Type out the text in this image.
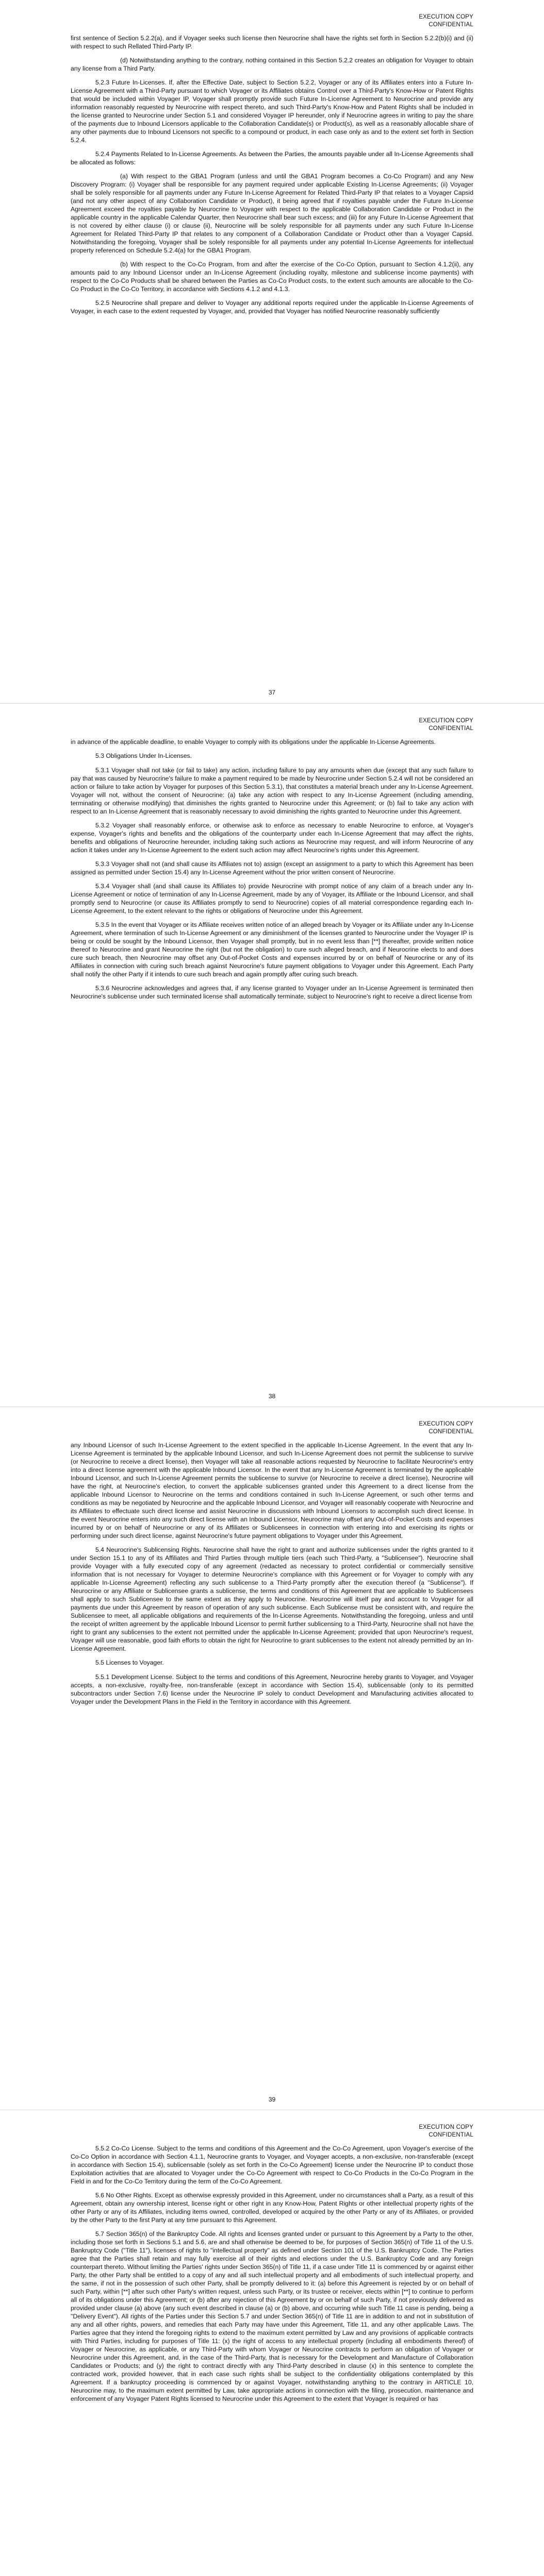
EXECUTION COPY
CONFIDENTIAL

first sentence of Section 5.2.2(a), and if Voyager seeks such license then Neurocrine shall have the rights set forth in Section 5.2.2(b)(i) and (ii) with respect to such Rellated Third-Party IP.

(d) Notwithstanding anything to the contrary, nothing contained in this Section 5.2.2 creates an obligation for Voyager to obtain any license from a Third Party.

5.2.3 Future In-Licenses. If, after the Effective Date, subject to Section 5.2.2, Voyager or any of its Affiliates enters into a Future In-License Agreement with a Third-Party pursuant to which Voyager or its Affiliates obtains Control over a Third-Party's Know-How or Patent Rights that would be included within Voyager IP, Voyager shall promptly provide such Future In-License Agreement to Neurocrine and provide any information reasonably requested by Neurocrine with respect thereto, and such Third-Party's Know-How and Patent Rights shall be included in the license granted to Neurocrine under Section 5.1 and considered Voyager IP hereunder, only if Neurocrine agrees in writing to pay the share of the payments due to Inbound Licensors applicable to the Collaboration Candidate(s) or Product(s), as well as a reasonably allocable share of any other payments due to Inbound Licensors not specific to a compound or product, in each case only as and to the extent set forth in Section 5.2.4.

5.2.4 Payments Related to In-License Agreements. As between the Parties, the amounts payable under all In-License Agreements shall be allocated as follows:

(a) With respect to the GBA1 Program (unless and until the GBA1 Program becomes a Co-Co Program) and any New Discovery Program: (i) Voyager shall be responsible for any payment required under applicable Existing In-License Agreements; (ii) Voyager shall be solely responsible for all payments under any Future In-License Agreement for Related Third-Party IP that relates to a Voyager Capsid (and not any other aspect of any Collaboration Candidate or Product), it being agreed that if royalties payable under the Future In-License Agreement exceed the royalties payable by Neurocrine to Voyager with respect to the applicable Collaboration Candidate or Product in the applicable country in the applicable Calendar Quarter, then Neurocrine shall bear such excess; and (iii) for any Future In-License Agreement that is not covered by either clause (i) or clause (ii), Neurocrine will be solely responsible for all payments under any such Future In-License Agreement for Related Third-Party IP that relates to any component of a Collaboration Candidate or Product other than a Voyager Capsid. Notwithstanding the foregoing, Voyager shall be solely responsible for all payments under any potential In-License Agreements for intellectual property referenced on Schedule 5.2.4(a) for the GBA1 Program.

(b) With respect to the Co-Co Program, from and after the exercise of the Co-Co Option, pursuant to Section 4.1.2(ii), any amounts paid to any Inbound Licensor under an In-License Agreement (including royalty, milestone and sublicense income payments) with respect to the Co-Co Products shall be shared between the Parties as Co-Co Product costs, to the extent such amounts are allocable to the Co-Co Product in the Co-Co Territory, in accordance with Sections 4.1.2 and 4.1.3.

5.2.5 Neurocrine shall prepare and deliver to Voyager any additional reports required under the applicable In-License Agreements of Voyager, in each case to the extent requested by Voyager, and, provided that Voyager has notified Neurocrine reasonably sufficiently

37
EXECUTION COPY
CONFIDENTIAL

in advance of the applicable deadline, to enable Voyager to comply with its obligations under the applicable In-License Agreements.

5.3 Obligations Under In-Licenses.

5.3.1 Voyager shall not take (or fail to take) any action, including failure to pay any amounts when due (except that any such failure to pay that was caused by Neurocrine's failure to make a payment required to be made by Neurocrine under Section 5.2.4 will not be considered an action or failure to take action by Voyager for purposes of this Section 5.3.1), that constitutes a material breach under any In-License Agreement. Voyager will not, without the consent of Neurocrine: (a) take any action with respect to any In-License Agreement (including amending, terminating or otherwise modifying) that diminishes the rights granted to Neurocrine under this Agreement; or (b) fail to take any action with respect to an In-License Agreement that is reasonably necessary to avoid diminishing the rights granted to Neurocrine under this Agreement.

5.3.2 Voyager shall reasonably enforce, or otherwise ask to enforce as necessary to enable Neurocrine to enforce, at Voyager's expense, Voyager's rights and benefits and the obligations of the counterparty under each In-License Agreement that may affect the rights, benefits and obligations of Neurocrine hereunder, including taking such actions as Neurocrine may request, and will inform Neurocrine of any action it takes under any In-License Agreement to the extent such action may affect Neurocrine's rights under this Agreement.

5.3.3 Voyager shall not (and shall cause its Affiliates not to) assign (except an assignment to a party to which this Agreement has been assigned as permitted under Section 15.4) any In-License Agreement without the prior written consent of Neurocrine.

5.3.4 Voyager shall (and shall cause its Affiliates to) provide Neurocrine with prompt notice of any claim of a breach under any In-License Agreement or notice of termination of any In-License Agreement, made by any of Voyager, its Affiliate or the Inbound Licensor, and shall promptly send to Neurocrine (or cause its Affiliates promptly to send to Neurocrine) copies of all material correspondence regarding each In-License Agreement, to the extent relevant to the rights or obligations of Neurocrine under this Agreement.

5.3.5 In the event that Voyager or its Affiliate receives written notice of an alleged breach by Voyager or its Affiliate under any In-License Agreement, where termination of such In-License Agreement or any diminishment of the licenses granted to Neurocrine under the Voyager IP is being or could be sought by the Inbound Licensor, then Voyager shall promptly, but in no event less than [**] thereafter, provide written notice thereof to Neurocrine and grant Neurocrine the right (but not the obligation) to cure such alleged breach, and if Neurocrine elects to and does cure such breach, then Neurocrine may offset any Out-of-Pocket Costs and expenses incurred by or on behalf of Neurocrine or any of its Affiliates in connection with curing such breach against Neurocrine's future payment obligations to Voyager under this Agreement. Each Party shall notify the other Party if it intends to cure such breach and again promptly after curing such breach.

5.3.6 Neurocrine acknowledges and agrees that, if any license granted to Voyager under an In-License Agreement is terminated then Neurocrine's sublicense under such terminated license shall automatically terminate, subject to Neurocrine's right to receive a direct license from

38
EXECUTION COPY
CONFIDENTIAL

any Inbound Licensor of such In-License Agreement to the extent specified in the applicable In-License Agreement. In the event that any In-License Agreement is terminated by the applicable Inbound Licensor, and such In-License Agreement does not permit the sublicense to survive (or Neurocrine to receive a direct license), then Voyager will take all reasonable actions requested by Neurocrine to facilitate Neurocrine's entry into a direct license agreement with the applicable Inbound Licensor. In the event that any In-License Agreement is terminated by the applicable Inbound Licensor, and such In-License Agreement permits the sublicense to survive (or Neurocrine to receive a direct license), Neurocrine will have the right, at Neurocrine's election, to convert the applicable sublicenses granted under this Agreement to a direct license from the applicable Inbound Licensor to Neurocrine on the terms and conditions contained in such In-License Agreement, or such other terms and conditions as may be negotiated by Neurocrine and the applicable Inbound Licensor, and Voyager will reasonably cooperate with Neurocrine and its Affiliates to effectuate such direct license and assist Neurocrine in discussions with Inbound Licensors to accomplish such direct license. In the event Neurocrine enters into any such direct license with an Inbound Licensor, Neurocrine may offset any Out-of-Pocket Costs and expenses incurred by or on behalf of Neurocrine or any of its Affiliates or Sublicensees in connection with entering into and exercising its rights or performing under such direct license, against Neurocrine's future payment obligations to Voyager under this Agreement.

5.4 Neurocrine's Sublicensing Rights. Neurocrine shall have the right to grant and authorize sublicenses under the rights granted to it under Section 15.1 to any of its Affiliates and Third Parties through multiple tiers (each such Third-Party, a "Sublicensee"). Neurocrine shall provide Voyager with a fully executed copy of any agreement (redacted as necessary to protect confidential or commercially sensitive information that is not necessary for Voyager to determine Neurocrine's compliance with this Agreement or for Voyager to comply with any applicable In-License Agreement) reflecting any such sublicense to a Third-Party promptly after the execution thereof (a "Sublicense"). If Neurocrine or any Affiliate or Sublicensee grants a sublicense, the terms and conditions of this Agreement that are applicable to Sublicensees shall apply to such Sublicensee to the same extent as they apply to Neurocrine. Neurocrine will itself pay and account to Voyager for all payments due under this Agreement by reason of operation of any such sublicense. Each Sublicense must be consistent with, and require the Sublicensee to meet, all applicable obligations and requirements of the In-License Agreements. Notwithstanding the foregoing, unless and until the receipt of written agreement by the applicable Inbound Licensor to permit further sublicensing to a Third-Party, Neurocrine shall not have the right to grant any sublicenses to the extent not permitted under the applicable In-License Agreement; provided that upon Neurocrine's request, Voyager will use reasonable, good faith efforts to obtain the right for Neurocrine to grant sublicenses to the extent not already permitted by an In-License Agreement.

5.5 Licenses to Voyager.

5.5.1 Development License. Subject to the terms and conditions of this Agreement, Neurocrine hereby grants to Voyager, and Voyager accepts, a non-exclusive, royalty-free, non-transferable (except in accordance with Section 15.4), sublicensable (only to its permitted subcontractors under Section 7.6) license under the Neurocrine IP solely to conduct Development and Manufacturing activities allocated to Voyager under the Development Plans in the Field in the Territory in accordance with this Agreement.

39
EXECUTION COPY
CONFIDENTIAL

5.5.2 Co-Co License. Subject to the terms and conditions of this Agreement and the Co-Co Agreement, upon Voyager's exercise of the Co-Co Option in accordance with Section 4.1.1, Neurocrine grants to Voyager, and Voyager accepts, a non-exclusive, non-transferable (except in accordance with Section 15.4), sublicensable (solely as set forth in the Co-Co Agreement) license under the Neurocrine IP to conduct those Exploitation activities that are allocated to Voyager under the Co-Co Agreement with respect to Co-Co Products in the Co-Co Program in the Field in and for the Co-Co Territory during the term of the Co-Co Agreement.

5.6 No Other Rights. Except as otherwise expressly provided in this Agreement, under no circumstances shall a Party, as a result of this Agreement, obtain any ownership interest, license right or other right in any Know-How, Patent Rights or other intellectual property rights of the other Party or any of its Affiliates, including items owned, controlled, developed or acquired by the other Party or any of its Affiliates, or provided by the other Party to the first Party at any time pursuant to this Agreement.

5.7 Section 365(n) of the Bankruptcy Code. All rights and licenses granted under or pursuant to this Agreement by a Party to the other, including those set forth in Sections 5.1 and 5.6, are and shall otherwise be deemed to be, for purposes of Section 365(n) of Title 11 of the U.S. Bankruptcy Code ("Title 11"), licenses of rights to "intellectual property" as defined under Section 101 of the U.S. Bankruptcy Code. The Parties agree that the Parties shall retain and may fully exercise all of their rights and elections under the U.S. Bankruptcy Code and any foreign counterpart thereto. Without limiting the Parties' rights under Section 365(n) of Title 11, if a case under Title 11 is commenced by or against either Party, the other Party shall be entitled to a copy of any and all such intellectual property and all embodiments of such intellectual property, and the same, if not in the possession of such other Party, shall be promptly delivered to it: (a) before this Agreement is rejected by or on behalf of such Party, within [**] after such other Party's written request, unless such Party, or its trustee or receiver, elects within [**] to continue to perform all of its obligations under this Agreement; or (b) after any rejection of this Agreement by or on behalf of such Party, if not previously delivered as provided under clause (a) above (any such event described in clause (a) or (b) above, and occurring while such Title 11 case is pending, being a "Delivery Event"). All rights of the Parties under this Section 5.7 and under Section 365(n) of Title 11 are in addition to and not in substitution of any and all other rights, powers, and remedies that each Party may have under this Agreement, Title 11, and any other applicable Laws. The Parties agree that they intend the foregoing rights to extend to the maximum extent permitted by Law and any provisions of applicable contracts with Third Parties, including for purposes of Title 11: (x) the right of access to any intellectual property (including all embodiments thereof) of Voyager or Neurocrine, as applicable, or any Third-Party with whom Voyager or Neurocrine contracts to perform an obligation of Voyager or Neurocrine under this Agreement, and, in the case of the Third-Party, that is necessary for the Development and Manufacture of Collaboration Candidates or Products; and (y) the right to contract directly with any Third-Party described in clause (x) in this sentence to complete the contracted work, provided however, that in each case such rights shall be subject to the confidentiality obligations contemplated by this Agreement. If a bankruptcy proceeding is commenced by or against Voyager, notwithstanding anything to the contrary in ARTICLE 10, Neurocrine may, to the maximum extent permitted by Law, take appropriate actions in connection with the filing, prosecution, maintenance and enforcement of any Voyager Patent Rights licensed to Neurocrine under this Agreement to the extent that Voyager is required or has
